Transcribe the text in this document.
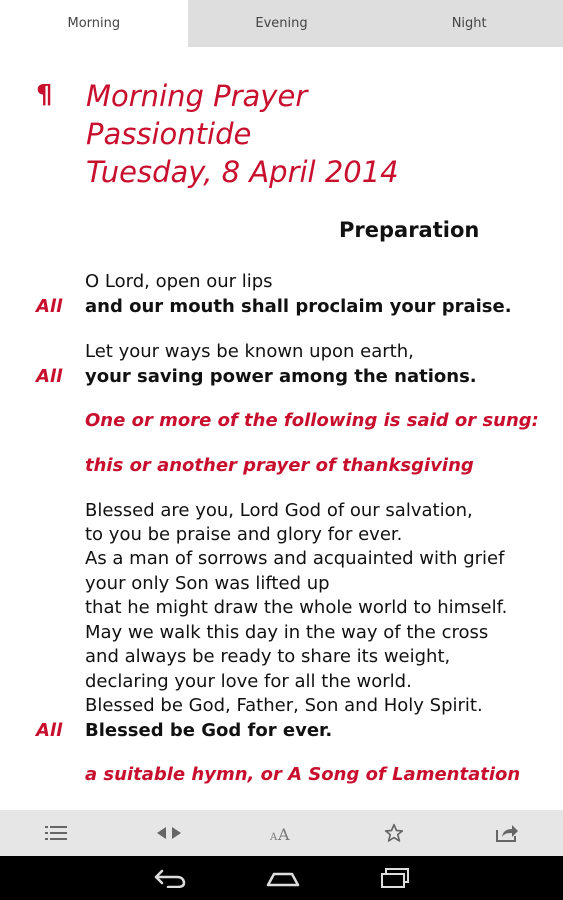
Morning	Evening	Night
¶ Morning Prayer
Passiontide
Tuesday, 8 April 2014
Preparation
O Lord, open our lips
All and our mouth shall proclaim your praise.
Let your ways be known upon earth,
All your saving power among the nations.
One or more of the following is said or sung:
this or another prayer of thanksgiving
Blessed are you, Lord God of our salvation,
to you be praise and glory for ever.
As a man of sorrows and acquainted with grief
your only Son was lifted up
that he might draw the whole world to himself.
May we walk this day in the way of the cross
and always be ready to share its weight,
declaring your love for all the world.
Blessed be God, Father, Son and Holy Spirit.
All Blessed be God for ever.
a suitable hymn, or A Song of Lamentation
A A
